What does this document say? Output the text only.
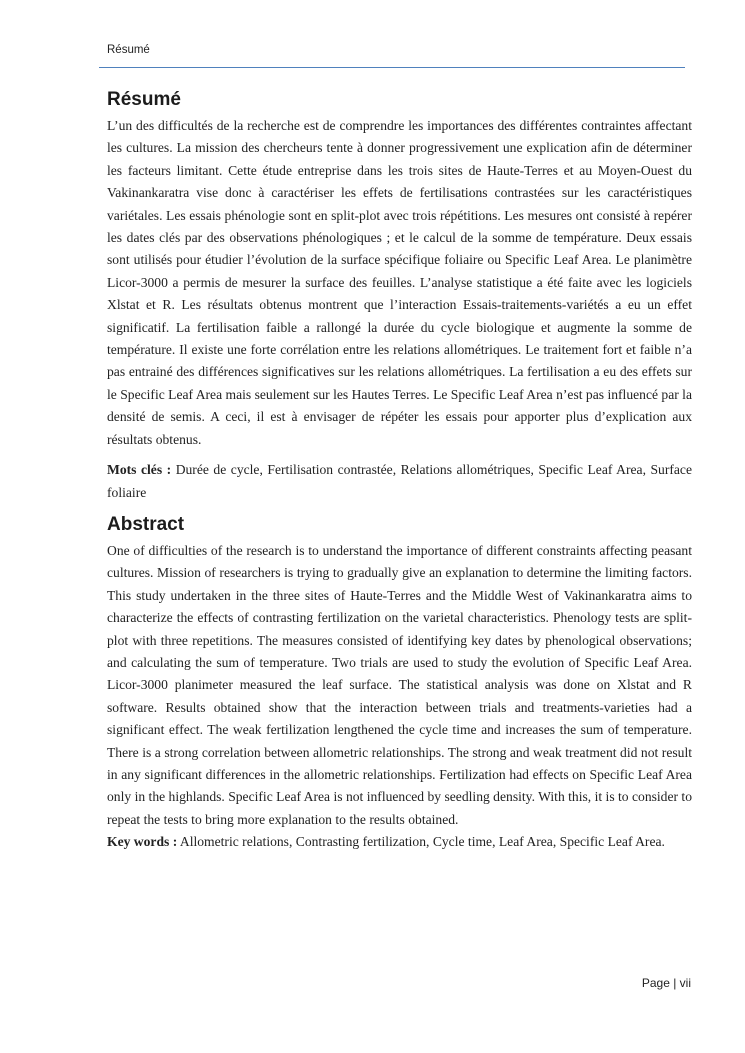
Résumé
Résumé

L’un des difficultés de la recherche est de comprendre les importances des différentes contraintes affectant les cultures. La mission des chercheurs tente à donner progressivement une explication afin de déterminer les facteurs limitant. Cette étude entreprise dans les trois sites de Haute-Terres et au Moyen-Ouest du Vakinankaratra vise donc à caractériser les effets de fertilisations contrastées sur les caractéristiques variétales. Les essais phénologie sont en split-plot avec trois répétitions. Les mesures ont consisté à repérer les dates clés par des observations phénologiques ; et le calcul de la somme de température. Deux essais sont utilisés pour étudier l’évolution de la surface spécifique foliaire ou Specific Leaf Area. Le planimètre Licor-3000 a permis de mesurer la surface des feuilles. L’analyse statistique a été faite avec les logiciels Xlstat et R. Les résultats obtenus montrent que l’interaction Essais-traitements-variétés a eu un effet significatif. La fertilisation faible a rallongé la durée du cycle biologique et augmente la somme de température. Il existe une forte corrélation entre les relations allométriques. Le traitement fort et faible n’a pas entrainé des différences significatives sur les relations allométriques. La fertilisation a eu des effets sur le Specific Leaf Area mais seulement sur les Hautes Terres. Le Specific Leaf Area n’est pas influencé par la densité de semis. A ceci, il est à envisager de répéter les essais pour apporter plus d’explication aux résultats obtenus.

Mots clés : Durée de cycle, Fertilisation contrastée, Relations allométriques, Specific Leaf Area, Surface foliaire

Abstract

One of difficulties of the research is to understand the importance of different constraints affecting peasant cultures. Mission of researchers is trying to gradually give an explanation to determine the limiting factors. This study undertaken in the three sites of Haute-Terres and the Middle West of Vakinankaratra aims to characterize the effects of contrasting fertilization on the varietal characteristics. Phenology tests are split-plot with three repetitions. The measures consisted of identifying key dates by phenological observations; and calculating the sum of temperature. Two trials are used to study the evolution of Specific Leaf Area. Licor-3000 planimeter measured the leaf surface. The statistical analysis was done on Xlstat and R software. Results obtained show that the interaction between trials and treatments-varieties had a significant effect. The weak fertilization lengthened the cycle time and increases the sum of temperature. There is a strong correlation between allometric relationships. The strong and weak treatment did not result in any significant differences in the allometric relationships. Fertilization had effects on Specific Leaf Area only in the highlands. Specific Leaf Area is not influenced by seedling density. With this, it is to consider to repeat the tests to bring more explanation to the results obtained.

Key words : Allometric relations, Contrasting fertilization, Cycle time, Leaf Area, Specific Leaf Area.

Page | vii
